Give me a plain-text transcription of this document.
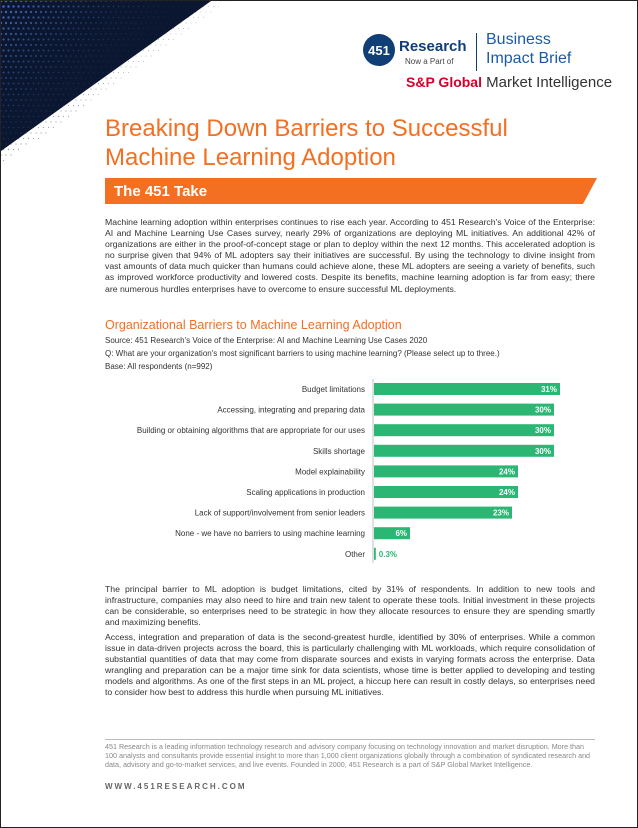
451 Research
Now a Part of
Business
Impact Brief
S&P Global Market Intelligence
Breaking Down Barriers to Successful Machine Learning Adoption
The 451 Take
Machine learning adoption within enterprises continues to rise each year. According to 451 Research's Voice of the Enterprise: AI and Machine Learning Use Cases survey, nearly 29% of organizations are deploying ML initiatives. An additional 42% of organizations are either in the proof-of-concept stage or plan to deploy within the next 12 months. This accelerated adoption is no surprise given that 94% of ML adopters say their initiatives are successful. By using the technology to divine insight from vast amounts of data much quicker than humans could achieve alone, these ML adopters are seeing a variety of benefits, such as improved workforce productivity and lowered costs. Despite its benefits, machine learning adoption is far from easy; there are numerous hurdles enterprises have to overcome to ensure successful ML deployments.
Organizational Barriers to Machine Learning Adoption
Source: 451 Research's Voice of the Enterprise: AI and Machine Learning Use Cases 2020
Q: What are your organization's most significant barriers to using machine learning? (Please select up to three.)
Base: All respondents (n=992)
Budget limitations	31%
Accessing, integrating and preparing data	30%
Building or obtaining algorithms that are appropriate for our uses	30%
Skills shortage	30%
Model explainability	24%
Scaling applications in production	24%
Lack of support/involvement from senior leaders	23%
None - we have no barriers to using machine learning	6%
Other 0.3%
The principal barrier to ML adoption is budget limitations, cited by 31% of respondents. In addition to new tools and infrastructure, companies may also need to hire and train new talent to operate these tools. Initial investment in these projects can be considerable, so enterprises need to be strategic in how they allocate resources to ensure they are spending smartly and maximizing benefits.
Access, integration and preparation of data is the second-greatest hurdle, identified by 30% of enterprises. While a common issue in data-driven projects across the board, this is particularly challenging with ML workloads, which require consolidation of substantial quantities of data that may come from disparate sources and exists in varying formats across the enterprise. Data wrangling and preparation can be a major time sink for data scientists, whose time is better applied to developing and testing models and algorithms. As one of the first steps in an ML project, a hiccup here can result in costly delays, so enterprises need to consider how best to address this hurdle when pursuing ML initiatives.
451 Research is a leading information technology research and advisory company focusing on technology innovation and market disruption. More than 100 analysts and consultants provide essential insight to more than 1,000 client organizations globally through a combination of syndicated research and data, advisory and go-to-market services, and live events. Founded in 2000, 451 Research is a part of S&P Global Market Intelligence.
WWW.451RESEARCH.COM
